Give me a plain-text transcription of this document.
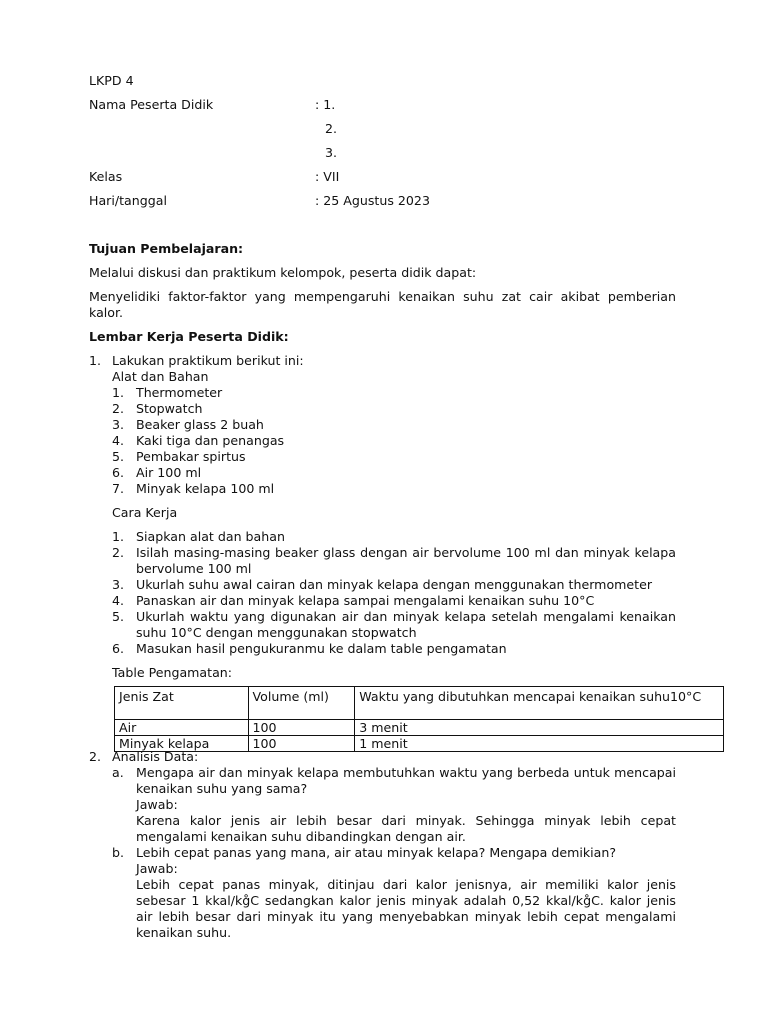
LKPD 4
Nama Peserta Didik	: 1.
2.
3.
Kelas	: VII
Hari/tanggal	: 25 Agustus 2023
Tujuan Pembelajaran:
Melalui diskusi dan praktikum kelompok, peserta didik dapat:
Menyelidiki faktor-faktor yang mempengaruhi kenaikan suhu zat cair akibat pemberian kalor.
Lembar Kerja Peserta Didik:
1. Lakukan praktikum berikut ini:
Alat dan Bahan
1. Thermometer
2. Stopwatch
3. Beaker glass 2 buah
4. Kaki tiga dan penangas
5. Pembakar spirtus
6. Air 100 ml
7. Minyak kelapa 100 ml
Cara Kerja
1. Siapkan alat dan bahan
2. Isilah masing-masing beaker glass dengan air bervolume 100 ml dan minyak kelapa bervolume 100 ml
3. Ukurlah suhu awal cairan dan minyak kelapa dengan menggunakan thermometer
4. Panaskan air dan minyak kelapa sampai mengalami kenaikan suhu 10°C
5. Ukurlah waktu yang digunakan air dan minyak kelapa setelah mengalami kenaikan suhu 10°C dengan menggunakan stopwatch
6. Masukan hasil pengukuranmu ke dalam table pengamatan
Table Pengamatan:
Jenis Zat	Volume (ml)	Waktu yang dibutuhkan mencapai kenaikan suhu10°C
Air	100	3 menit
Minyak kelapa	100	1 menit
2. Analisis Data:
a. Mengapa air dan minyak kelapa membutuhkan waktu yang berbeda untuk mencapai kenaikan suhu yang sama?
Jawab:
Karena kalor jenis air lebih besar dari minyak. Sehingga minyak lebih cepat mengalami kenaikan suhu dibandingkan dengan air.
b. Lebih cepat panas yang mana, air atau minyak kelapa? Mengapa demikian?
Jawab:
Lebih cepat panas minyak, ditinjau dari kalor jenisnya, air memiliki kalor jenis sebesar 1 kkal/kg̊C sedangkan kalor jenis minyak adalah 0,52 kkal/kg̊C. kalor jenis air lebih besar dari minyak itu yang menyebabkan minyak lebih cepat mengalami kenaikan suhu.
